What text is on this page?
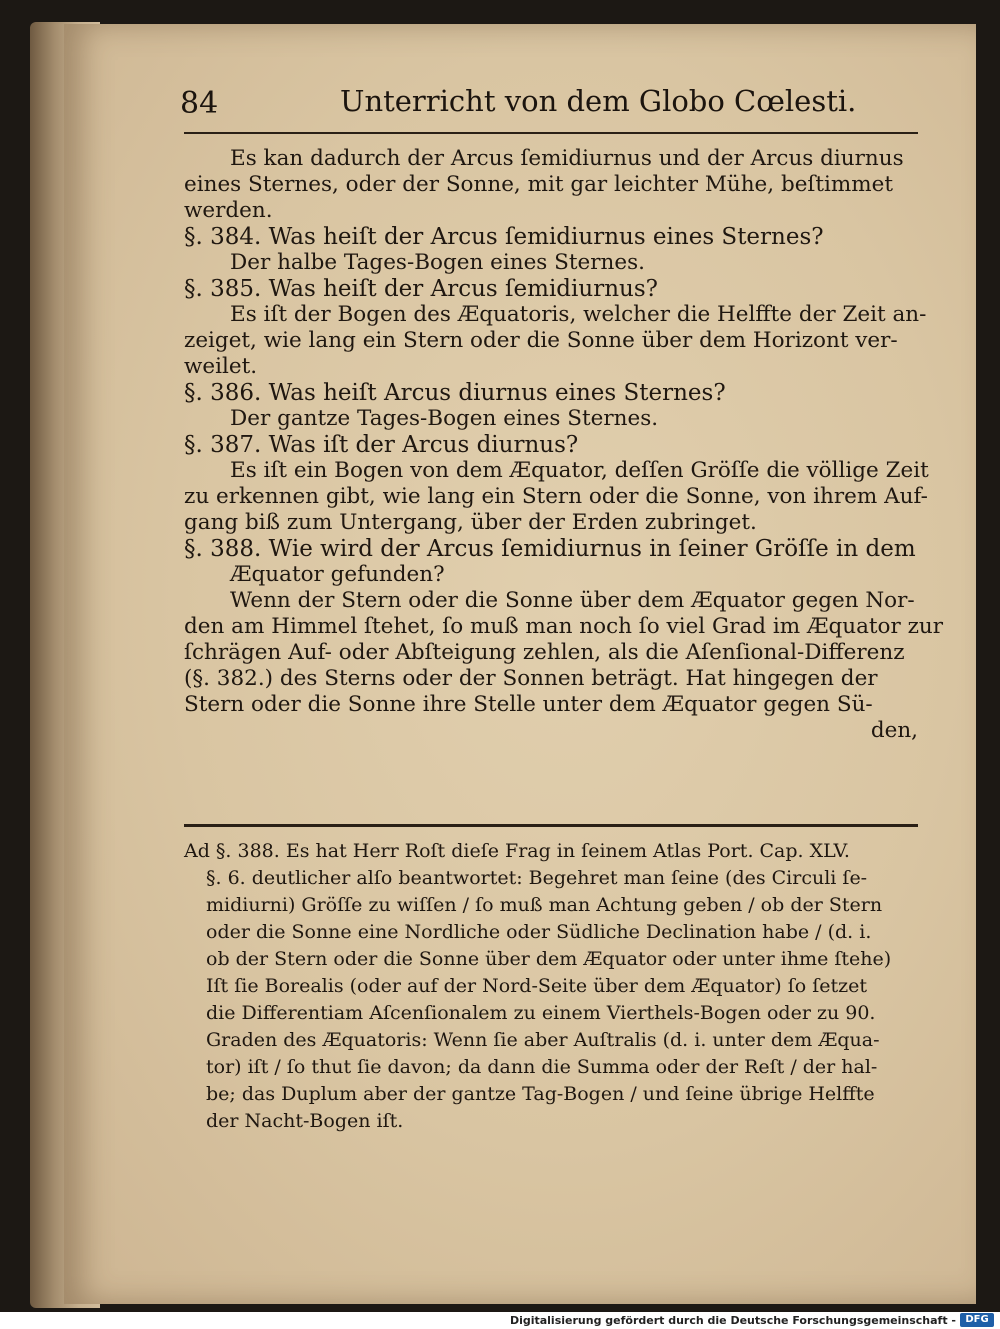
84	Unterricht von dem Globo Cœlesti.
Es kan dadurch der Arcus ſemidiurnus und der Arcus diurnus
eines Sternes, oder der Sonne, mit gar leichter Mühe, beſtimmet
werden.
§. 384. Was heiſt der Arcus ſemidiurnus eines Sternes?
Der halbe Tages-Bogen eines Sternes.
§. 385. Was heiſt der Arcus ſemidiurnus?
Es iſt der Bogen des Æquatoris, welcher die Helffte der Zeit an-
zeiget, wie lang ein Stern oder die Sonne über dem Horizont ver-
weilet.
§. 386. Was heiſt Arcus diurnus eines Sternes?
Der gantze Tages-Bogen eines Sternes.
§. 387. Was iſt der Arcus diurnus?
Es iſt ein Bogen von dem Æquator, deſſen Gröſſe die völlige Zeit
zu erkennen gibt, wie lang ein Stern oder die Sonne, von ihrem Auf-
gang biß zum Untergang, über der Erden zubringet.
§. 388. Wie wird der Arcus ſemidiurnus in ſeiner Gröſſe in dem
Æquator gefunden?
Wenn der Stern oder die Sonne über dem Æquator gegen Nor-
den am Himmel ſtehet, ſo muß man noch ſo viel Grad im Æquator zur
ſchrägen Auf- oder Abſteigung zehlen, als die Aſenſional-Differenz
(§. 382.) des Sterns oder der Sonnen beträgt. Hat hingegen der
Stern oder die Sonne ihre Stelle unter dem Æquator gegen Sü-
den,
Ad §. 388. Es hat Herr Roſt dieſe Frag in ſeinem Atlas Port. Cap. XLV.
§. 6. deutlicher alſo beantwortet: Begehret man ſeine (des Circuli ſe-
midiurni) Gröſſe zu wiſſen / ſo muß man Achtung geben / ob der Stern
oder die Sonne eine Nordliche oder Südliche Declination habe / (d. i.
ob der Stern oder die Sonne über dem Æquator oder unter ihme ſtehe)
Iſt ſie Borealis (oder auf der Nord-Seite über dem Æquator) ſo ſetzet
die Differentiam Aſcenſionalem zu einem Vierthels-Bogen oder zu 90.
Graden des Æquatoris: Wenn ſie aber Auſtralis (d. i. unter dem Æqua-
tor) iſt / ſo thut ſie davon; da dann die Summa oder der Reſt / der hal-
be; das Duplum aber der gantze Tag-Bogen / und ſeine übrige Helffte
der Nacht-Bogen iſt.
Digitalisierung gefördert durch die Deutsche Forschungsgemeinschaft - DFG
